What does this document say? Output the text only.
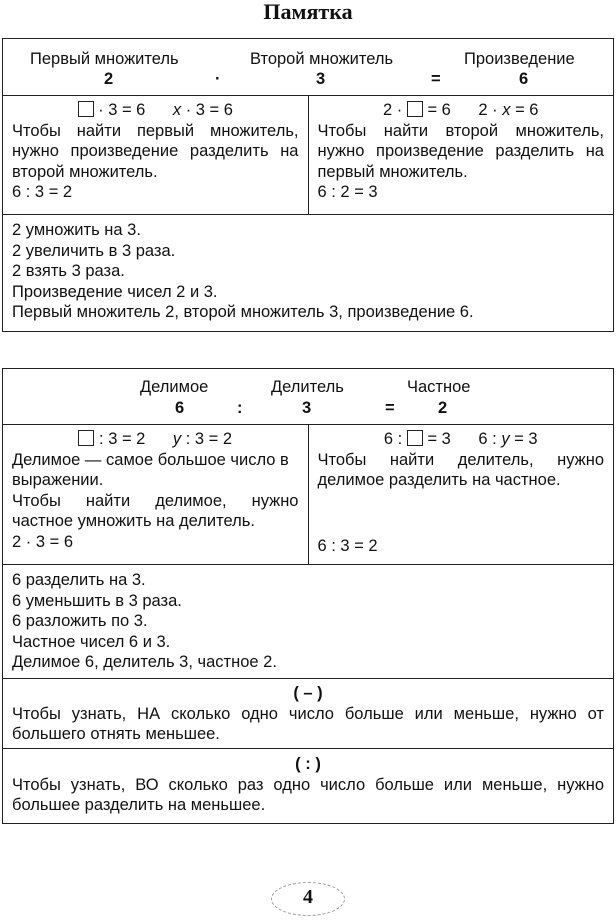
Памятка
Первый множитель	Второй множитель	Произведение
2	·	3	=	6
· 3 = 6 x · 3 = 6
Чтобы найти первый множитель, нужно произведение разделить на второй множитель.
6 : 3 = 2
2 · = 6 2 · x = 6
Чтобы найти второй множитель, нужно произведение разделить на первый множитель.
6 : 2 = 3
2 умножить на 3.
2 увеличить в 3 раза.
2 взять 3 раза.
Произведение чисел 2 и 3.
Первый множитель 2, второй множитель 3, произведение 6.
Делимое	Делитель	Частное
6	:	3	=	2
: 3 = 2 y : 3 = 2
Делимое — самое большое число в выражении.
Чтобы найти делимое, нужно частное умножить на делитель.
2 · 3 = 6
6 : = 3 6 : y = 3
Чтобы найти делитель, нужно делимое разделить на частное.
6 : 3 = 2
6 разделить на 3.
6 уменьшить в 3 раза.
6 разложить по 3.
Частное чисел 6 и 3.
Делимое 6, делитель 3, частное 2.
( – )
Чтобы узнать, НА сколько одно число больше или меньше, нужно от большего отнять меньшее.
( : )
Чтобы узнать, ВО сколько раз одно число больше или меньше, нужно большее разделить на меньшее.
4
